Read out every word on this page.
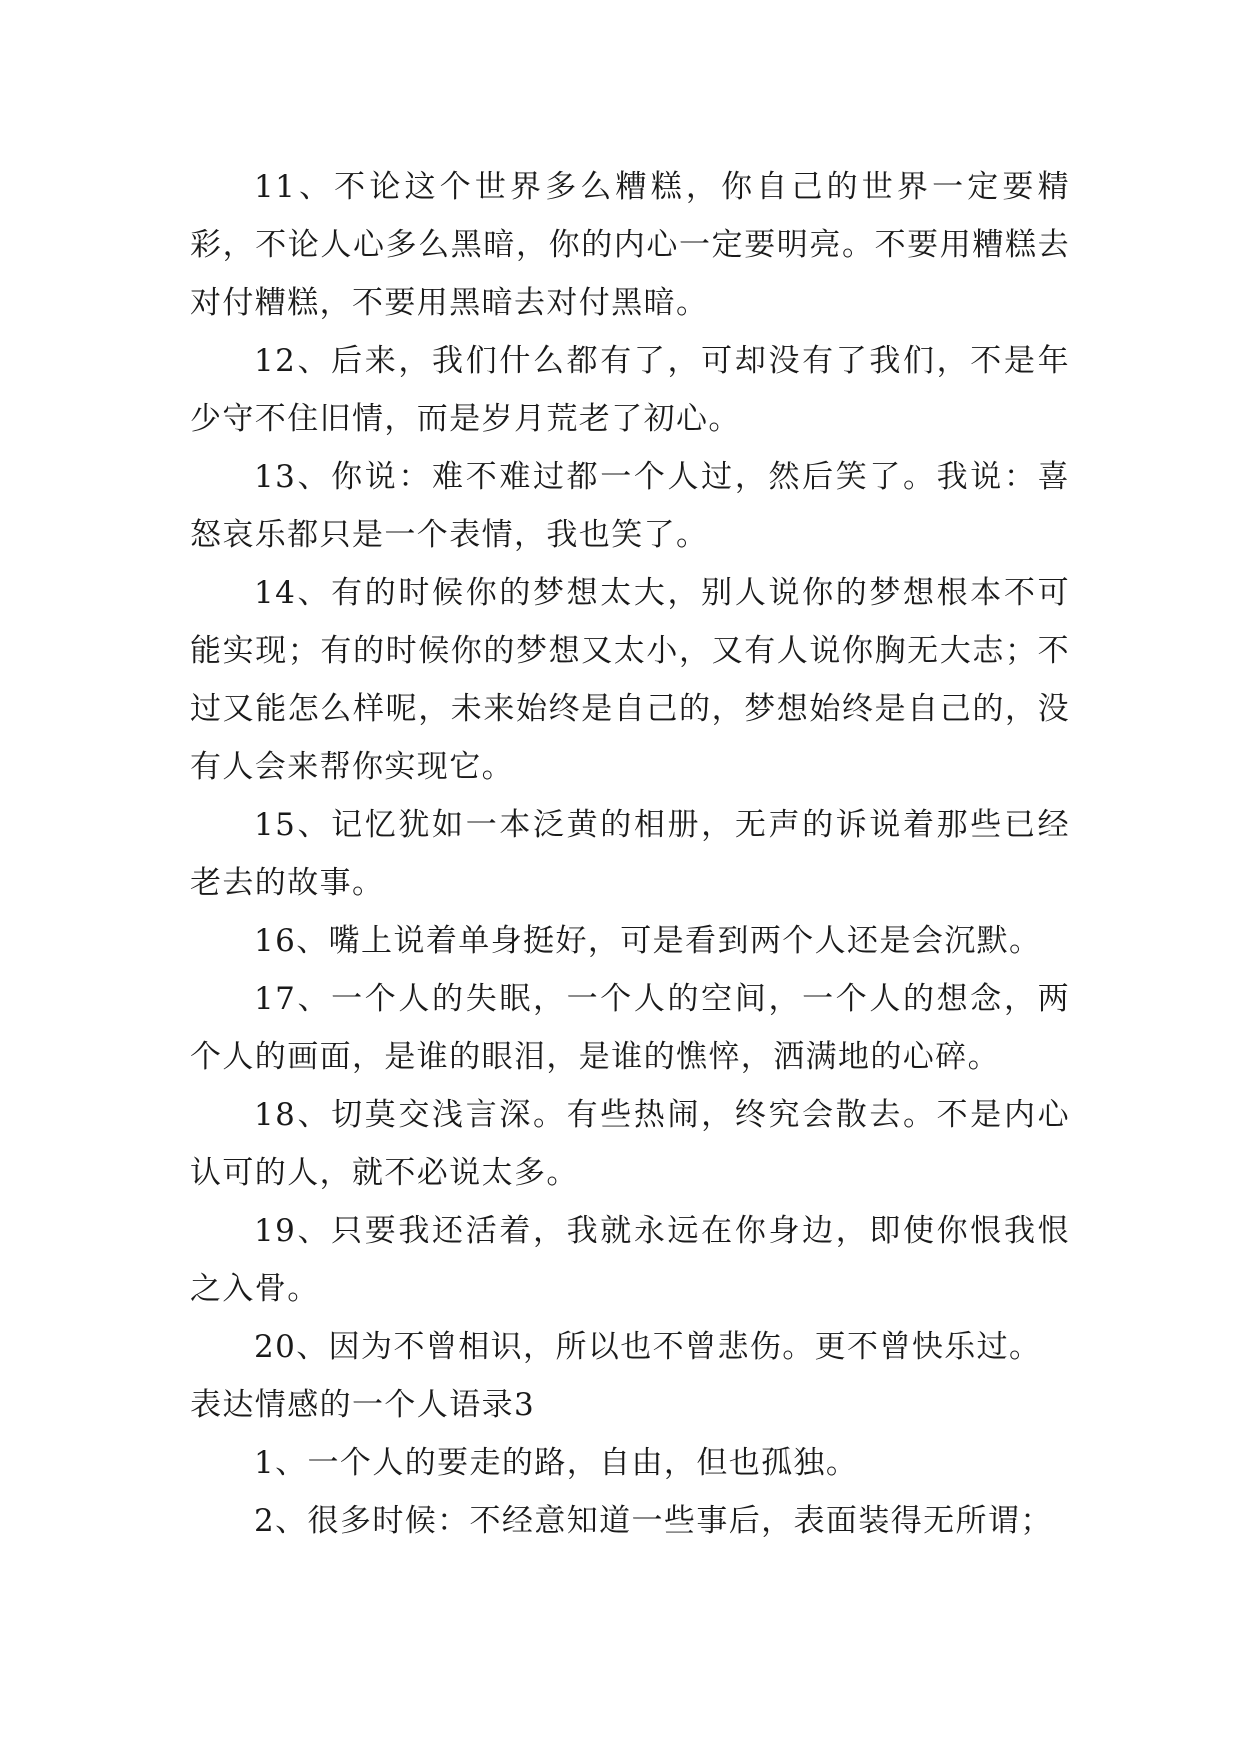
11、不论这个世界多么糟糕，你自己的世界一定要精彩，不论人心多么黑暗，你的内心一定要明亮。不要用糟糕去对付糟糕，不要用黑暗去对付黑暗。

12、后来，我们什么都有了，可却没有了我们，不是年少守不住旧情，而是岁月荒老了初心。

13、你说：难不难过都一个人过，然后笑了。我说：喜怒哀乐都只是一个表情，我也笑了。

14、有的时候你的梦想太大，别人说你的梦想根本不可能实现；有的时候你的梦想又太小，又有人说你胸无大志；不过又能怎么样呢，未来始终是自己的，梦想始终是自己的，没有人会来帮你实现它。

15、记忆犹如一本泛黄的相册，无声的诉说着那些已经老去的故事。

16、嘴上说着单身挺好，可是看到两个人还是会沉默。

17、一个人的失眠，一个人的空间，一个人的想念，两个人的画面，是谁的眼泪，是谁的憔悴，洒满地的心碎。

18、切莫交浅言深。有些热闹，终究会散去。不是内心认可的人，就不必说太多。

19、只要我还活着，我就永远在你身边，即使你恨我恨之入骨。

20、因为不曾相识，所以也不曾悲伤。更不曾快乐过。

表达情感的一个人语录3

1、一个人的要走的路，自由，但也孤独。

2、很多时候：不经意知道一些事后，表面装得无所谓；
